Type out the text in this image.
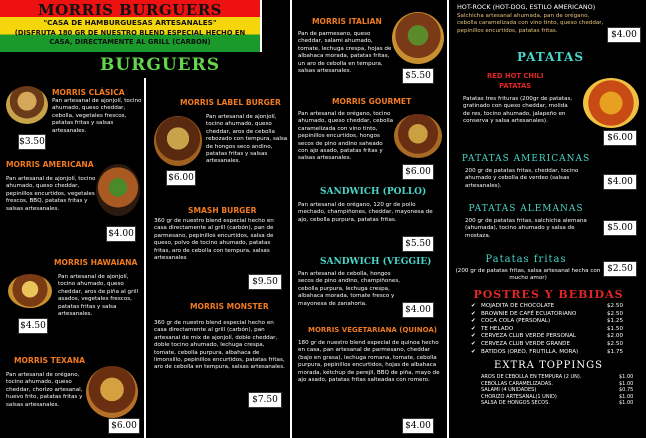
MORRIS BURGUERS
"CASA DE HAMBURGUESAS ARTESANALES"
(DISFRUTA 180 GR DE NUESTRO BLEND ESPECIAL HECHO EN CASA, DIRECTAMENTE AL GRILL (CARBON)
BURGUERS
MORRIS CLÁSICA
Pan artesanal de ajonjolí, tocino ahumado, queso cheddar, cebolla, vegetales frescos, patatas fritas y salsas artesanales.
$3.50
MORRIS AMERICANA
Pan artesanal de ajonjolí, tocino ahumado, queso cheddar, pepinillos encurtidos, vegetales frescos, BBQ, patatas fritas y salsas artesanales.
$4.00
MORRIS HAWAIANA
Pan artesanal de ajonjolí, tocino ahumado, queso cheddar, aros de piña al grill asados, vegetales frescos, patatas fritas y salsa artesanales.
$4.50
MORRIS TEXANA
Pan artesanal de orégano, tocino ahumado, queso cheddar, chorizo artesanal, huevo frito, patatas fritas y salsas artesanales.
$6.00
MORRIS LABEL BURGER
Pan artesanal de ajonjolí, tocino ahumado, queso cheddar, aros de cebolla rebozado con tempura, salsa de hongos seco andino, patatas fritas y salsas artesanales.
$6.00
SMASH BURGER
360 gr de nuestro blend especial hecho en casa directamente al grill (carbón), pan de parmesano, pepinillos encurtidos, salsa de queso, polvo de tocino ahumado, patatas fritas, aro de cebolla con tempura, salsas artesanales
$9.50
MORRIS MONSTER
360 gr de nuestro blend especial hecho en casa directamente al grill (carbón), pan artesanal de mix de ajonjolí, doble cheddar, doble tocino ahumado, lechuga crespa, tomate, cebolla purpura, albahaca de limonsillo, pepinillos encurtidos, patatas fritas, aro de cebolla en tempura, salsas artesanales.
$7.50
MORRIS ITALIAN
Pan de parmesano, queso cheddar, salami ahumado, tomate, lechuga crespa, hojas de albahaca morada, patatas fritas, un aro de cebolla en tempura, salsas artesanales.	$5.50
MORRIS GOURMET
Pan artesanal de orégano, tocino ahumado, queso cheddar, cebolla caramelizada con vino tinto, pepinillos encurtidos, hongos secos de pino andino saheado con ajo asado, patatas fritas y salsas artesanales.
$6.00
SANDWICH (POLLO)
Pan artesanal de orégano, 120 gr de pollo mechado, champiñones, cheddar, mayonesa de ajo, cebolla purpura, patatas fritas.
$5.50
SANDWICH (VEGGIE)
Pan artesanal de cebolla, hongos secos de pino andino, champiñones, cebolla purpura, lechuga crespa, albahaca morada, tomate fresco y mayonesa de zanahoria.
$4.00
MORRIS VEGETARIANA (QUINOA)
180 gr de nuestro blend especial de quinoa hecho en casa, pan artesanal de parmesano, cheddar (bajo en grasa), lechuga romana, tomate, cebolla purpura, pepinillos encurtidos, hojas de albahaca morada, kétchup de perejil, BBQ de piña, mayo de ajo asado, patatas fritas salteadas con romero.
$4.00
HOT-ROCK (HOT-DOG, ESTILO AMERICANO)
Salchicha artesanal ahumada, pan de orégano, cebolla caramelizada con vino tinto, queso cheddar, pepinillos encurtidos, patatas fritas.	$4.00
PATATAS
RED HOT CHILI
PATATAS
Patatas tres frituras (200gr de patatas, gratinado con queso cheddar, molida de res, tocino ahumado, jalapeño en conserva y salsa artesanales).
$6.00
PATATAS AMERICANAS
200 gr de patatas fritas, cheddar, tocino ahumado y cebolla de verdeo (salsas artesanales).	$4.00
PATATAS ALEMANAS
200 gr de patatas fritas, salchicha alemana (ahumada), tocino ahumado y salsa de mostaza.
$5.00
Patatas fritas
(200 gr de patatas fritas, salsa artesanal hecha con mucho amor)
$2.50
POSTRES Y BEBIDAS
✔ MOJADITA DE CHOCOLATE	$2.50
✔ BROWNIE DE CAFÉ ECUATORIANO	$2.50
✔ COCA COLA (PERSONAL)	$1.25
✔ TE HELADO	$1.50
✔ CERVEZA CLUB VERDE PERSONAL	$2.00
✔ CERVEZA CLUB VERDE GRANDE	$2.50
✔ BATIDOS (OREO, FRUTILLA, MORA)	$1.75
EXTRA TOPPINGS
AROS DE CEBOLLA EN TEMPURA (2 UN).	$1.00
CEBOLLAS CARAMELIZADAS.	$1.00
SALAMI (4 UNIDADES)	$0.75
CHORIZO ARTESANAL(1 UNID)	$1.00
SALSA DE HONGOS SECOS.	$1.00
